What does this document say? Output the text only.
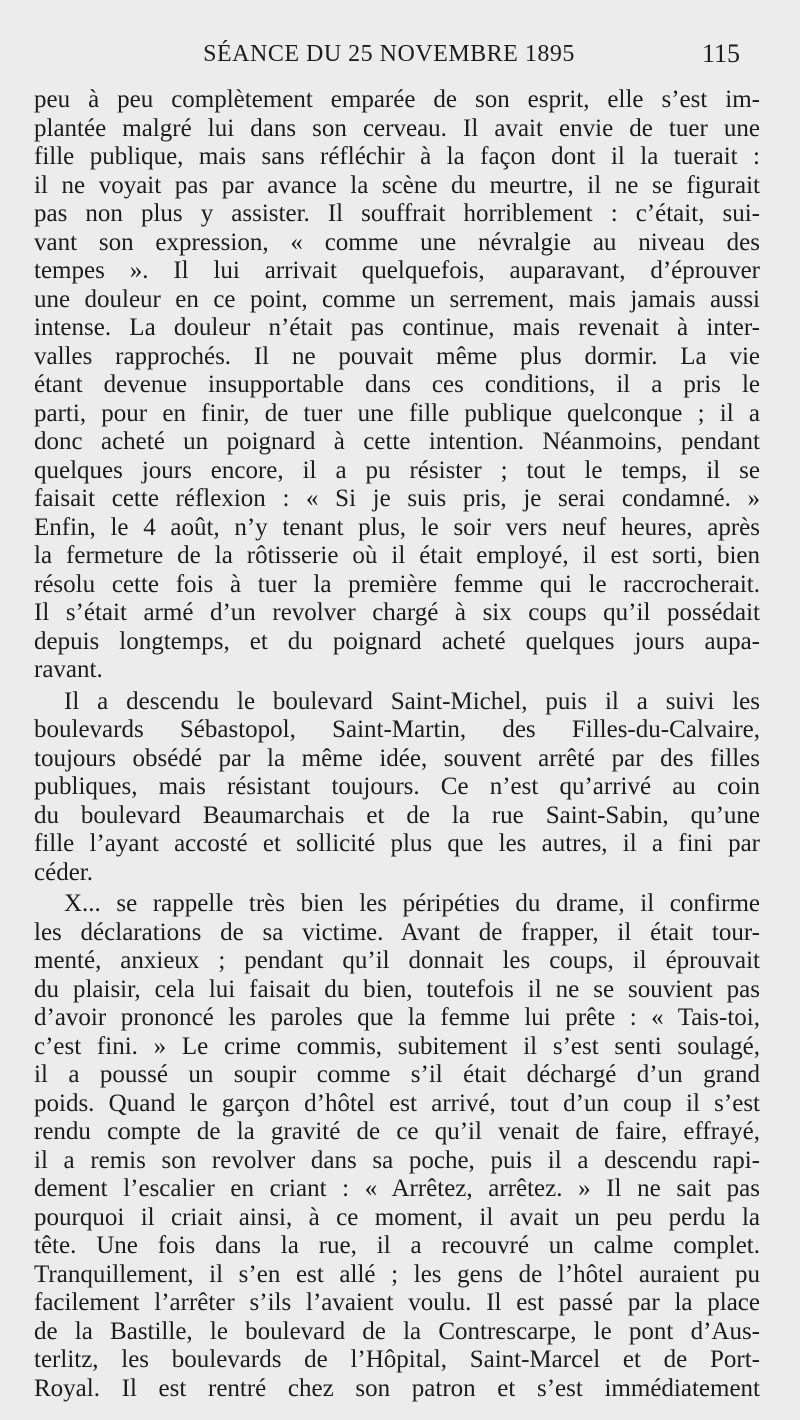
SÉANCE DU 25 NOVEMBRE 1895	115
peu à peu complètement emparée de son esprit, elle s’est im-
plantée malgré lui dans son cerveau. Il avait envie de tuer une
fille publique, mais sans réfléchir à la façon dont il la tuerait :
il ne voyait pas par avance la scène du meurtre, il ne se figurait
pas non plus y assister. Il souffrait horriblement : c’était, sui-
vant son expression, « comme une névralgie au niveau des
tempes ». Il lui arrivait quelquefois, auparavant, d’éprouver
une douleur en ce point, comme un serrement, mais jamais aussi
intense. La douleur n’était pas continue, mais revenait à inter-
valles rapprochés. Il ne pouvait même plus dormir. La vie
étant devenue insupportable dans ces conditions, il a pris le
parti, pour en finir, de tuer une fille publique quelconque ; il a
donc acheté un poignard à cette intention. Néanmoins, pendant
quelques jours encore, il a pu résister ; tout le temps, il se
faisait cette réflexion : « Si je suis pris, je serai condamné. »
Enfin, le 4 août, n’y tenant plus, le soir vers neuf heures, après
la fermeture de la rôtisserie où il était employé, il est sorti, bien
résolu cette fois à tuer la première femme qui le raccrocherait.
Il s’était armé d’un revolver chargé à six coups qu’il possédait
depuis longtemps, et du poignard acheté quelques jours aupa-
ravant.
Il a descendu le boulevard Saint-Michel, puis il a suivi les
boulevards Sébastopol, Saint-Martin, des Filles-du-Calvaire,
toujours obsédé par la même idée, souvent arrêté par des filles
publiques, mais résistant toujours. Ce n’est qu’arrivé au coin
du boulevard Beaumarchais et de la rue Saint-Sabin, qu’une
fille l’ayant accosté et sollicité plus que les autres, il a fini par
céder.
X... se rappelle très bien les péripéties du drame, il confirme
les déclarations de sa victime. Avant de frapper, il était tour-
menté, anxieux ; pendant qu’il donnait les coups, il éprouvait
du plaisir, cela lui faisait du bien, toutefois il ne se souvient pas
d’avoir prononcé les paroles que la femme lui prête : « Tais-toi,
c’est fini. » Le crime commis, subitement il s’est senti soulagé,
il a poussé un soupir comme s’il était déchargé d’un grand
poids. Quand le garçon d’hôtel est arrivé, tout d’un coup il s’est
rendu compte de la gravité de ce qu’il venait de faire, effrayé,
il a remis son revolver dans sa poche, puis il a descendu rapi-
dement l’escalier en criant : « Arrêtez, arrêtez. » Il ne sait pas
pourquoi il criait ainsi, à ce moment, il avait un peu perdu la
tête. Une fois dans la rue, il a recouvré un calme complet.
Tranquillement, il s’en est allé ; les gens de l’hôtel auraient pu
facilement l’arrêter s’ils l’avaient voulu. Il est passé par la place
de la Bastille, le boulevard de la Contrescarpe, le pont d’Aus-
terlitz, les boulevards de l’Hôpital, Saint-Marcel et de Port-
Royal. Il est rentré chez son patron et s’est immédiatement
